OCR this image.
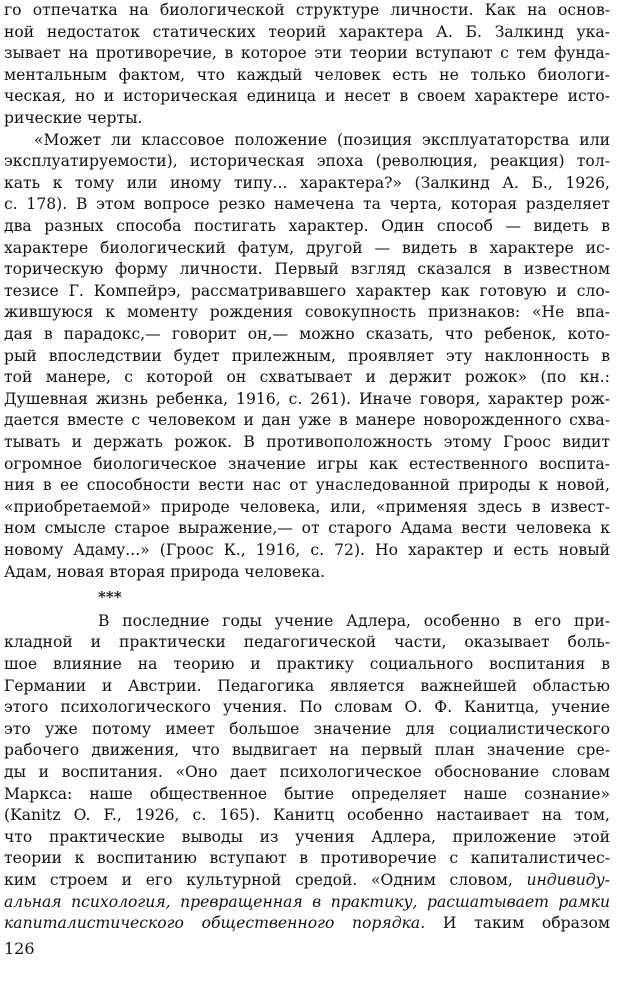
го отпечатка на биологической структуре личности. Как на основ-
ной недостаток статических теорий характера А. Б. Залкинд ука-
зывает на противоречие, в которое эти теории вступают с тем фунда-
ментальным фактом, что каждый человек есть не только биологи-
ческая, но и историческая единица и несет в своем характере исто-
рические черты.
«Может ли классовое положение (позиция эксплуататорства или
эксплуатируемости), историческая эпоха (революция, реакция) тол-
кать к тому или иному типу... характера?» (Залкинд А. Б., 1926,
с. 178). В этом вопросе резко намечена та черта, которая разделяет
два разных способа постигать характер. Один способ — видеть в
характере биологический фатум, другой — видеть в характере ис-
торическую форму личности. Первый взгляд сказался в известном
тезисе Г. Компейрэ, рассматривавшего характер как готовую и сло-
жившуюся к моменту рождения совокупность признаков: «Не впа-
дая в парадокс,— говорит он,— можно сказать, что ребенок, кото-
рый впоследствии будет прилежным, проявляет эту наклонность в
той манере, с которой он схватывает и держит рожок» (по кн.:
Душевная жизнь ребенка, 1916, с. 261). Иначе говоря, характер рож-
дается вместе с человеком и дан уже в манере новорожденного схва-
тывать и держать рожок. В противоположность этому Гроос видит
огромное биологическое значение игры как естественного воспита-
ния в ее способности вести нас от унаследованной природы к новой,
«приобретаемой» природе человека, или, «применяя здесь в извест-
ном смысле старое выражение,— от старого Адама вести человека к
новому Адаму...» (Гроос К., 1916, с. 72). Но характер и есть новый
Адам, новая вторая природа человека.
***
В последние годы учение Адлера, особенно в его при-
кладной и практически педагогической части, оказывает боль-
шое влияние на теорию и практику социального воспитания в
Германии и Австрии. Педагогика является важнейшей областью
этого психологического учения. По словам О. Ф. Канитца, учение
это уже потому имеет большое значение для социалистического
рабочего движения, что выдвигает на первый план значение сре-
ды и воспитания. «Оно дает психологическое обоснование словам
Маркса: наше общественное бытие определяет наше сознание»
(Kanitz O. F., 1926, с. 165). Канитц особенно настаивает на том,
что практические выводы из учения Адлера, приложение этой
теории к воспитанию вступают в противоречие с капиталистичес-
ким строем и его культурной средой. «Одним словом, индивиду-
альная психология, превращенная в практику, расшатывает рамки
капиталистического общественного порядка. И таким образом
126
